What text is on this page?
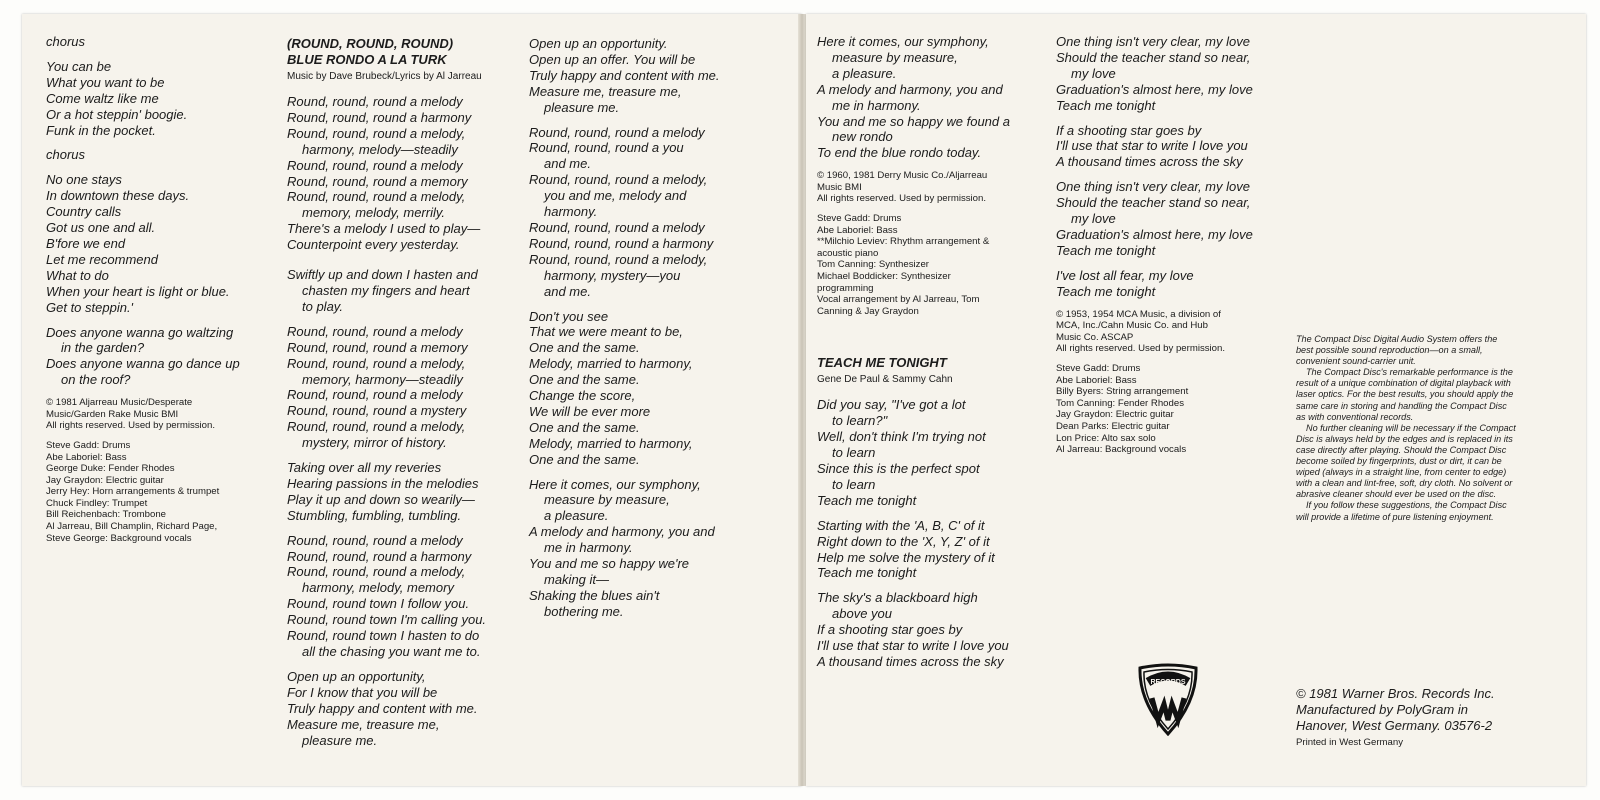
chorus
You can be
What you want to be
Come waltz like me
Or a hot steppin' boogie.
Funk in the pocket.
chorus
No one stays
In downtown these days.
Country calls
Got us one and all.
B'fore we end
Let me recommend
What to do
When your heart is light or blue.
Get to steppin.'
Does anyone wanna go waltzing
in the garden?
Does anyone wanna go dance up
on the roof?
© 1981 Aljarreau Music/Desperate
Music/Garden Rake Music BMI
All rights reserved. Used by permission.
Steve Gadd: Drums
Abe Laboriel: Bass
George Duke: Fender Rhodes
Jay Graydon: Electric guitar
Jerry Hey: Horn arrangements & trumpet
Chuck Findley: Trumpet
Bill Reichenbach: Trombone
Al Jarreau, Bill Champlin, Richard Page,
Steve George: Background vocals
(ROUND, ROUND, ROUND)
BLUE RONDO A LA TURK
Music by Dave Brubeck/Lyrics by Al Jarreau
Round, round, round a melody
Round, round, round a harmony
Round, round, round a melody,
harmony, melody—steadily
Round, round, round a melody
Round, round, round a memory
Round, round, round a melody,
memory, melody, merrily.
There's a melody I used to play—
Counterpoint every yesterday.
Swiftly up and down I hasten and
chasten my fingers and heart
to play.
Round, round, round a melody
Round, round, round a memory
Round, round, round a melody,
memory, harmony—steadily
Round, round, round a melody
Round, round, round a mystery
Round, round, round a melody,
mystery, mirror of history.
Taking over all my reveries
Hearing passions in the melodies
Play it up and down so wearily—
Stumbling, fumbling, tumbling.
Round, round, round a melody
Round, round, round a harmony
Round, round, round a melody,
harmony, melody, memory
Round, round town I follow you.
Round, round town I'm calling you.
Round, round town I hasten to do
all the chasing you want me to.
Open up an opportunity,
For I know that you will be
Truly happy and content with me.
Measure me, treasure me,
pleasure me.
Open up an opportunity.
Open up an offer. You will be
Truly happy and content with me.
Measure me, treasure me,
pleasure me.
Round, round, round a melody
Round, round, round a you
and me.
Round, round, round a melody,
you and me, melody and
harmony.
Round, round, round a melody
Round, round, round a harmony
Round, round, round a melody,
harmony, mystery—you
and me.
Don't you see
That we were meant to be,
One and the same.
Melody, married to harmony,
One and the same.
Change the score,
We will be ever more
One and the same.
Melody, married to harmony,
One and the same.
Here it comes, our symphony,
measure by measure,
a pleasure.
A melody and harmony, you and
me in harmony.
You and me so happy we're
making it—
Shaking the blues ain't
bothering me.

Here it comes, our symphony,
measure by measure,
a pleasure.
A melody and harmony, you and
me in harmony.
You and me so happy we found a
new rondo
To end the blue rondo today.
© 1960, 1981 Derry Music Co./Aljarreau
Music BMI
All rights reserved. Used by permission.
Steve Gadd: Drums
Abe Laboriel: Bass
**Milchio Leviev: Rhythm arrangement &
acoustic piano
Tom Canning: Synthesizer
Michael Boddicker: Synthesizer
programming
Vocal arrangement by Al Jarreau, Tom
Canning & Jay Graydon
TEACH ME TONIGHT
Gene De Paul & Sammy Cahn
Did you say, "I've got a lot
to learn?"
Well, don't think I'm trying not
to learn
Since this is the perfect spot
to learn
Teach me tonight
Starting with the 'A, B, C' of it
Right down to the 'X, Y, Z' of it
Help me solve the mystery of it
Teach me tonight
The sky's a blackboard high
above you
If a shooting star goes by
I'll use that star to write I love you
A thousand times across the sky
One thing isn't very clear, my love
Should the teacher stand so near,
my love
Graduation's almost here, my love
Teach me tonight
If a shooting star goes by
I'll use that star to write I love you
A thousand times across the sky
One thing isn't very clear, my love
Should the teacher stand so near,
my love
Graduation's almost here, my love
Teach me tonight
I've lost all fear, my love
Teach me tonight
© 1953, 1954 MCA Music, a division of
MCA, Inc./Cahn Music Co. and Hub
Music Co. ASCAP
All rights reserved. Used by permission.
Steve Gadd: Drums
Abe Laboriel: Bass
Billy Byers: String arrangement
Tom Canning: Fender Rhodes
Jay Graydon: Electric guitar
Dean Parks: Electric guitar
Lon Price: Alto sax solo
Al Jarreau: Background vocals

The Compact Disc Digital Audio System offers the best possible sound reproduction—on a small, convenient sound-carrier unit.

The Compact Disc's remarkable performance is the result of a unique combination of digital playback with laser optics. For the best results, you should apply the same care in storing and handling the Compact Disc as with conventional records.

No further cleaning will be necessary if the Compact Disc is always held by the edges and is replaced in its case directly after playing. Should the Compact Disc become soiled by fingerprints, dust or dirt, it can be wiped (always in a straight line, from center to edge) with a clean and lint-free, soft, dry cloth. No solvent or abrasive cleaner should ever be used on the disc.

If you follow these suggestions, the Compact Disc will provide a lifetime of pure listening enjoyment.

RECORDS
© 1981 Warner Bros. Records Inc.
Manufactured by PolyGram in
Hanover, West Germany. 03576-2
Printed in West Germany
